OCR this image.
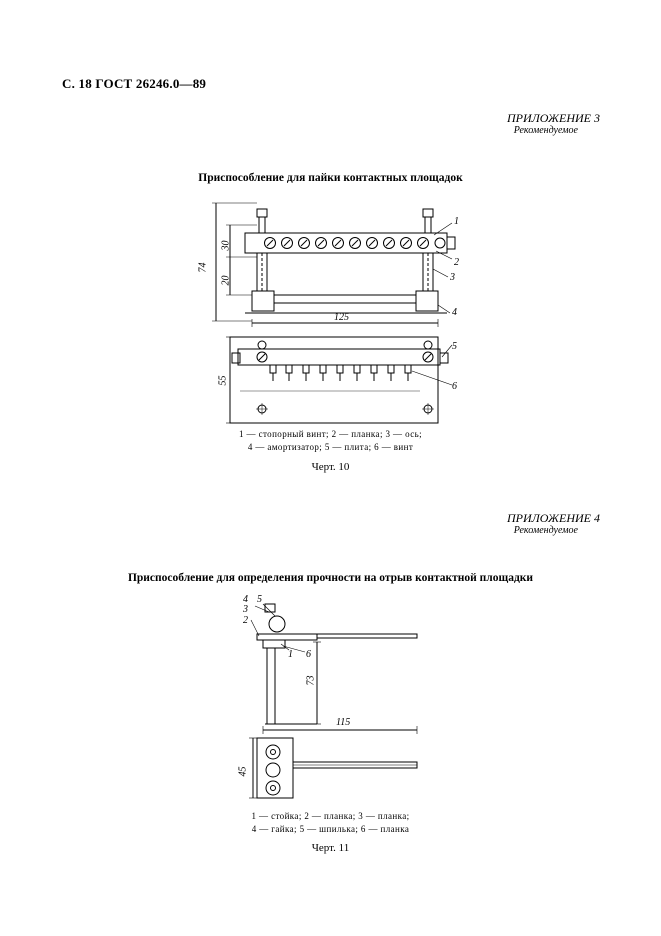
С. 18 ГОСТ 26246.0—89
ПРИЛОЖЕНИЕ 3
Рекомендуемое
Приспособление для пайки контактных площадок
74
30
20
125
55
1
2
3
4
5
6
1 — стопорный винт; 2 — планка; 3 — ось;
4 — амортизатор; 5 — плита; 6 — винт
Черт. 10
ПРИЛОЖЕНИЕ 4
Рекомендуемое
Приспособление для определения прочности на отрыв контактной площадки
4 5
3
2
1 6
73
115
45
1 — стойка; 2 — планка; 3 — планка;
4 — гайка; 5 — шпилька; 6 — планка
Черт. 11
